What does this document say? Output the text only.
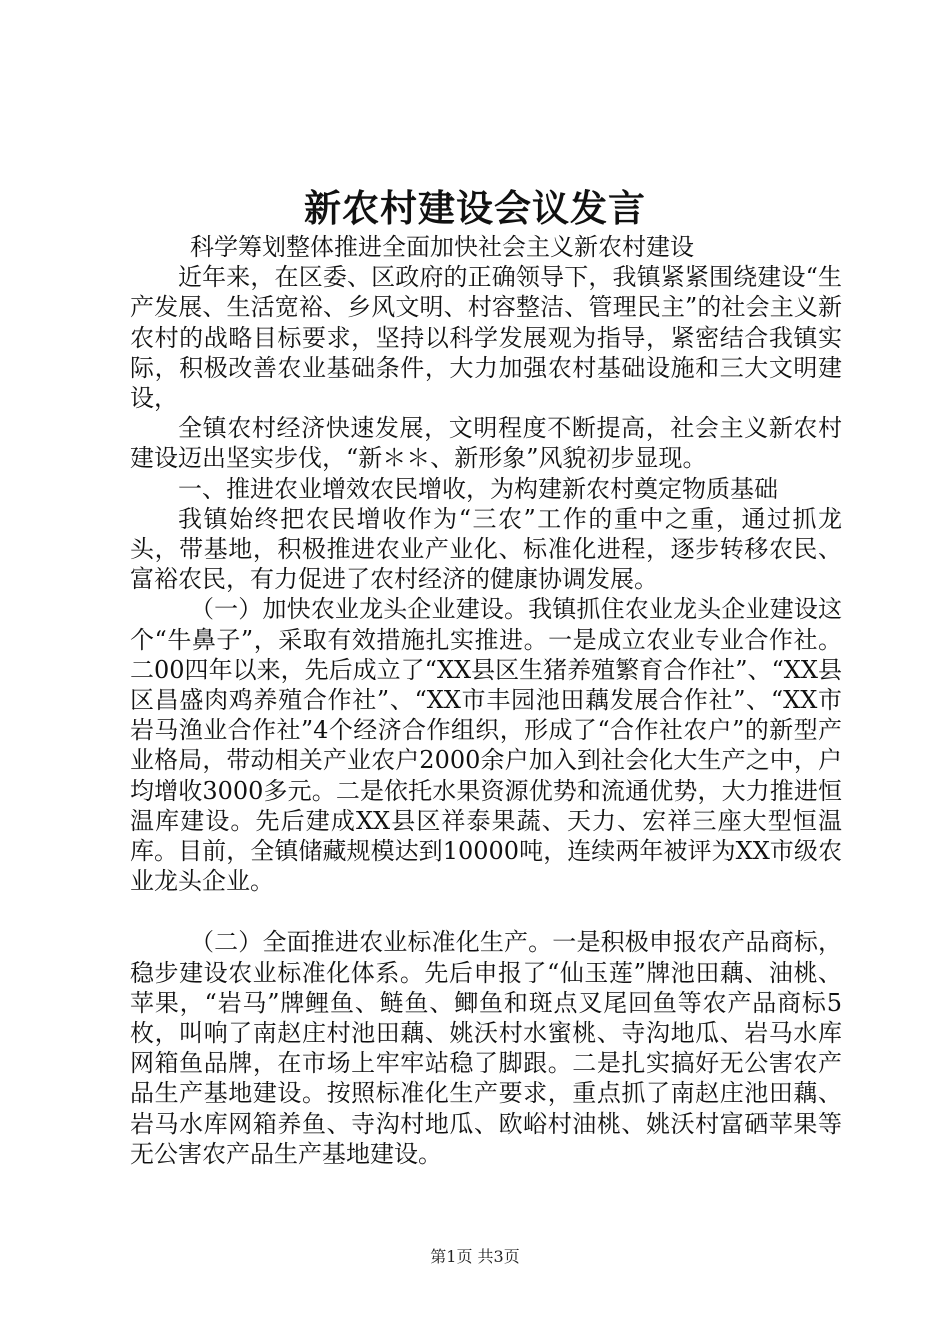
新农村建设会议发言

科学筹划整体推进全面加快社会主义新农村建设

近年来，在区委、区政府的正确领导下，我镇紧紧围绕建设“生产发展、生活宽裕、乡风文明、村容整洁、管理民主”的社会主义新农村的战略目标要求，坚持以科学发展观为指导，紧密结合我镇实际，积极改善农业基础条件，大力加强农村基础设施和三大文明建设，

全镇农村经济快速发展，文明程度不断提高，社会主义新农村建设迈出坚实步伐，“新＊＊、新形象”风貌初步显现。

一、推进农业增效农民增收，为构建新农村奠定物质基础

我镇始终把农民增收作为“三农”工作的重中之重，通过抓龙头，带基地，积极推进农业产业化、标准化进程，逐步转移农民、富裕农民，有力促进了农村经济的健康协调发展。

（一）加快农业龙头企业建设。我镇抓住农业龙头企业建设这个“牛鼻子”，采取有效措施扎实推进。一是成立农业专业合作社。二00四年以来，先后成立了“XX县区生猪养殖繁育合作社”、“XX县区昌盛肉鸡养殖合作社”、“XX市丰园池田藕发展合作社”、“XX市岩马渔业合作社”4个经济合作组织，形成了“合作社农户”的新型产业格局，带动相关产业农户2000余户加入到社会化大生产之中，户均增收3000多元。二是依托水果资源优势和流通优势，大力推进恒温库建设。先后建成XX县区祥泰果蔬、天力、宏祥三座大型恒温库。目前，全镇储藏规模达到10000吨，连续两年被评为XX市级农业龙头企业。

（二）全面推进农业标准化生产。一是积极申报农产品商标，稳步建设农业标准化体系。先后申报了“仙玉莲”牌池田藕、油桃、苹果，“岩马”牌鲤鱼、鲢鱼、鲫鱼和斑点叉尾回鱼等农产品商标5枚，叫响了南赵庄村池田藕、姚沃村水蜜桃、寺沟地瓜、岩马水库网箱鱼品牌，在市场上牢牢站稳了脚跟。二是扎实搞好无公害农产品生产基地建设。按照标准化生产要求，重点抓了南赵庄池田藕、岩马水库网箱养鱼、寺沟村地瓜、欧峪村油桃、姚沃村富硒苹果等无公害农产品生产基地建设。

第1页 共3页
